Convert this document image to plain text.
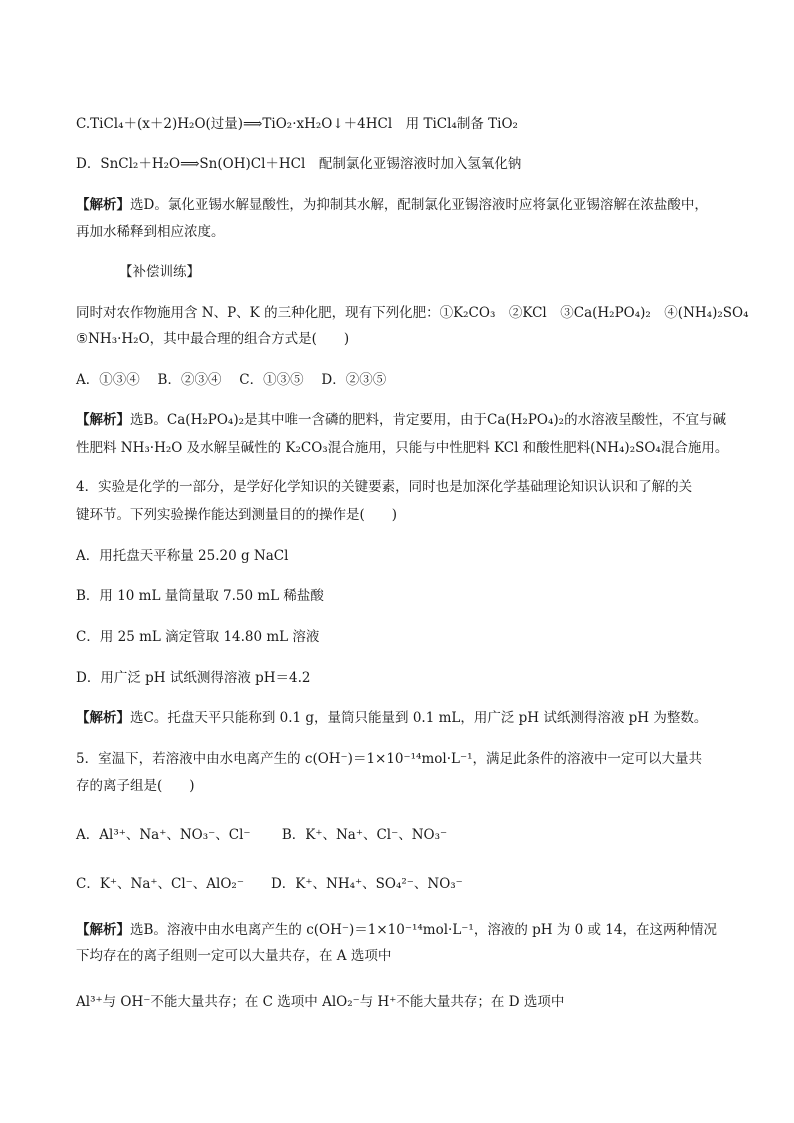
C.TiCl₄＋(x＋2)H₂O(过量)⟹TiO₂·xH₂O↓＋4HCl　用 TiCl₄制备 TiO₂
D．SnCl₂＋H₂O⟹Sn(OH)Cl＋HCl　配制氯化亚锡溶液时加入氢氧化钠
【解析】选D。氯化亚锡水解显酸性，为抑制其水解，配制氯化亚锡溶液时应将氯化亚锡溶解在浓盐酸中，
再加水稀释到相应浓度。
【补偿训练】
同时对农作物施用含 N、P、K 的三种化肥，现有下列化肥：①K₂CO₃　②KCl　③Ca(H₂PO₄)₂　④(NH₄)₂SO₄
⑤NH₃·H₂O，其中最合理的组合方式是(　　)
A．①③④　 B．②③④　 C．①③⑤　 D．②③⑤
【解析】选B。Ca(H₂PO₄)₂是其中唯一含磷的肥料，肯定要用，由于Ca(H₂PO₄)₂的水溶液呈酸性，不宜与碱
性肥料 NH₃·H₂O 及水解呈碱性的 K₂CO₃混合施用，只能与中性肥料 KCl 和酸性肥料(NH₄)₂SO₄混合施用。
4．实验是化学的一部分，是学好化学知识的关键要素，同时也是加深化学基础理论知识认识和了解的关
键环节。下列实验操作能达到测量目的的操作是(　　)
A．用托盘天平称量 25.20 g NaCl
B．用 10 mL 量筒量取 7.50 mL 稀盐酸
C．用 25 mL 滴定管取 14.80 mL 溶液
D．用广泛 pH 试纸测得溶液 pH＝4.2
【解析】选C。托盘天平只能称到 0.1 g，量筒只能量到 0.1 mL，用广泛 pH 试纸测得溶液 pH 为整数。
5．室温下，若溶液中由水电离产生的 c(OH⁻)＝1×10⁻¹⁴mol·L⁻¹，满足此条件的溶液中一定可以大量共
存的离子组是(　　)
A．Al³⁺、Na⁺、NO₃⁻、Cl⁻　　 B．K⁺、Na⁺、Cl⁻、NO₃⁻
C．K⁺、Na⁺、Cl⁻、AlO₂⁻　　D．K⁺、NH₄⁺、SO₄²⁻、NO₃⁻
【解析】选B。溶液中由水电离产生的 c(OH⁻)＝1×10⁻¹⁴mol·L⁻¹，溶液的 pH 为 0 或 14，在这两种情况
下均存在的离子组则一定可以大量共存，在 A 选项中
Al³⁺与 OH⁻不能大量共存；在 C 选项中 AlO₂⁻与 H⁺不能大量共存；在 D 选项中
